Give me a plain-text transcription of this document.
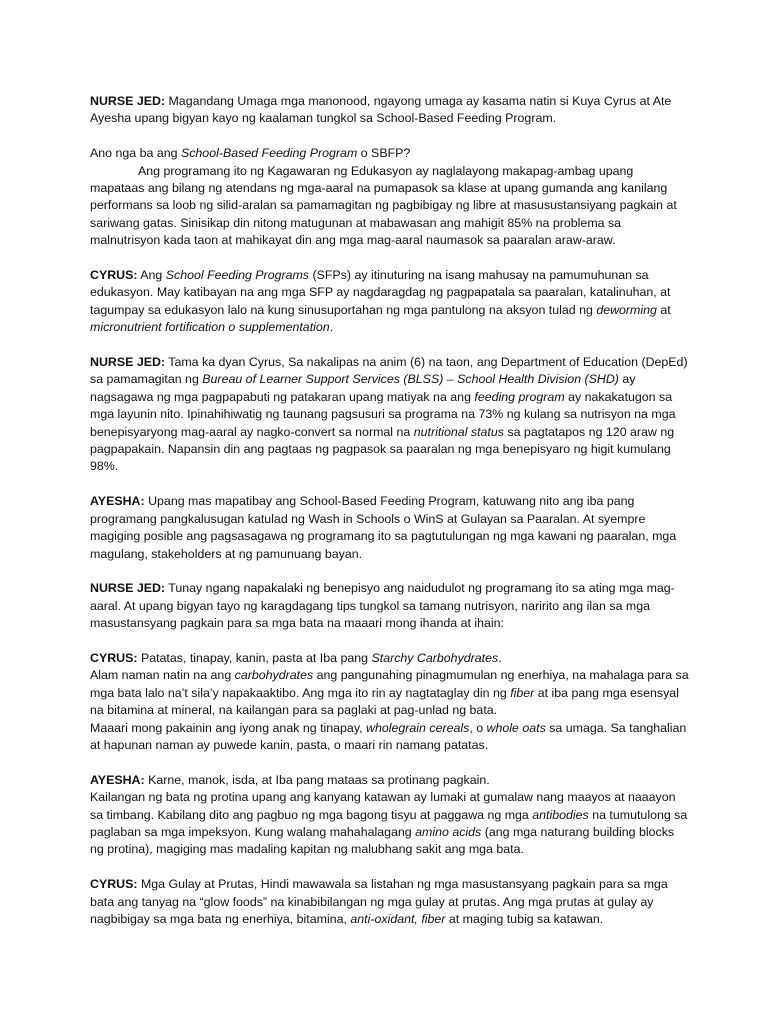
NURSE JED: Magandang Umaga mga manonood, ngayong umaga ay kasama natin si Kuya Cyrus at Ate Ayesha upang bigyan kayo ng kaalaman tungkol sa School-Based Feeding Program.

Ano nga ba ang School-Based Feeding Program o SBFP?

Ang programang ito ng Kagawaran ng Edukasyon ay naglalayong makapag-ambag upang mapataas ang bilang ng atendans ng mga-aaral na pumapasok sa klase at upang gumanda ang kanilang performans sa loob ng silid-aralan sa pamamagitan ng pagbibigay ng libre at masusustansiyang pagkain at sariwang gatas. Sinisikap din nitong matugunan at mabawasan ang mahigit 85% na problema sa malnutrisyon kada taon at mahikayat din ang mga mag-aaral naumasok sa paaralan araw-araw.

CYRUS: Ang School Feeding Programs (SFPs) ay itinuturing na isang mahusay na pamumuhunan sa edukasyon. May katibayan na ang mga SFP ay nagdaragdag ng pagpapatala sa paaralan, katalinuhan, at tagumpay sa edukasyon lalo na kung sinusuportahan ng mga pantulong na aksyon tulad ng deworming at micronutrient fortification o supplementation.

NURSE JED: Tama ka dyan Cyrus, Sa nakalipas na anim (6) na taon, ang Department of Education (DepEd) sa pamamagitan ng Bureau of Learner Support Services (BLSS) – School Health Division (SHD) ay nagsagawa ng mga pagpapabuti ng patakaran upang matiyak na ang feeding program ay nakakatugon sa mga layunin nito. Ipinahihiwatig ng taunang pagsusuri sa programa na 73% ng kulang sa nutrisyon na mga benepisyaryong mag-aaral ay nagko-convert sa normal na nutritional status sa pagtatapos ng 120 araw ng pagpapakain. Napansin din ang pagtaas ng pagpasok sa paaralan ng mga benepisyaro ng higit kumulang 98%.

AYESHA: Upang mas mapatibay ang School-Based Feeding Program, katuwang nito ang iba pang programang pangkalusugan katulad ng Wash in Schools o WinS at Gulayan sa Paaralan. At syempre magiging posible ang pagsasagawa ng programang ito sa pagtutulungan ng mga kawani ng paaralan, mga magulang, stakeholders at ng pamunuang bayan.

NURSE JED: Tunay ngang napakalaki ng benepisyo ang naidudulot ng programang ito sa ating mga mag-aaral. At upang bigyan tayo ng karagdagang tips tungkol sa tamang nutrisyon, naririto ang ilan sa mga masustansyang pagkain para sa mga bata na maaari mong ihanda at ihain:

CYRUS: Patatas, tinapay, kanin, pasta at Iba pang Starchy Carbohydrates.
Alam naman natin na ang carbohydrates ang pangunahing pinagmumulan ng enerhiya, na mahalaga para sa mga bata lalo na’t sila’y napakaaktibo. Ang mga ito rin ay nagtataglay din ng fiber at iba pang mga esensyal na bitamina at mineral, na kailangan para sa paglaki at pag-unlad ng bata.
Maaari mong pakainin ang iyong anak ng tinapay, wholegrain cereals, o whole oats sa umaga. Sa tanghalian at hapunan naman ay puwede kanin, pasta, o maari rin namang patatas.

AYESHA: Karne, manok, isda, at Iba pang mataas sa protinang pagkain.
Kailangan ng bata ng protina upang ang kanyang katawan ay lumaki at gumalaw nang maayos at naaayon sa timbang. Kabilang dito ang pagbuo ng mga bagong tisyu at paggawa ng mga antibodies na tumutulong sa paglaban sa mga impeksyon. Kung walang mahahalagang amino acids (ang mga naturang building blocks ng protina), magiging mas madaling kapitan ng malubhang sakit ang mga bata.

CYRUS: Mga Gulay at Prutas, Hindi mawawala sa listahan ng mga masustansyang pagkain para sa mga bata ang tanyag na “glow foods” na kinabibilangan ng mga gulay at prutas. Ang mga prutas at gulay ay nagbibigay sa mga bata ng enerhiya, bitamina, anti-oxidant, fiber at maging tubig sa katawan.
